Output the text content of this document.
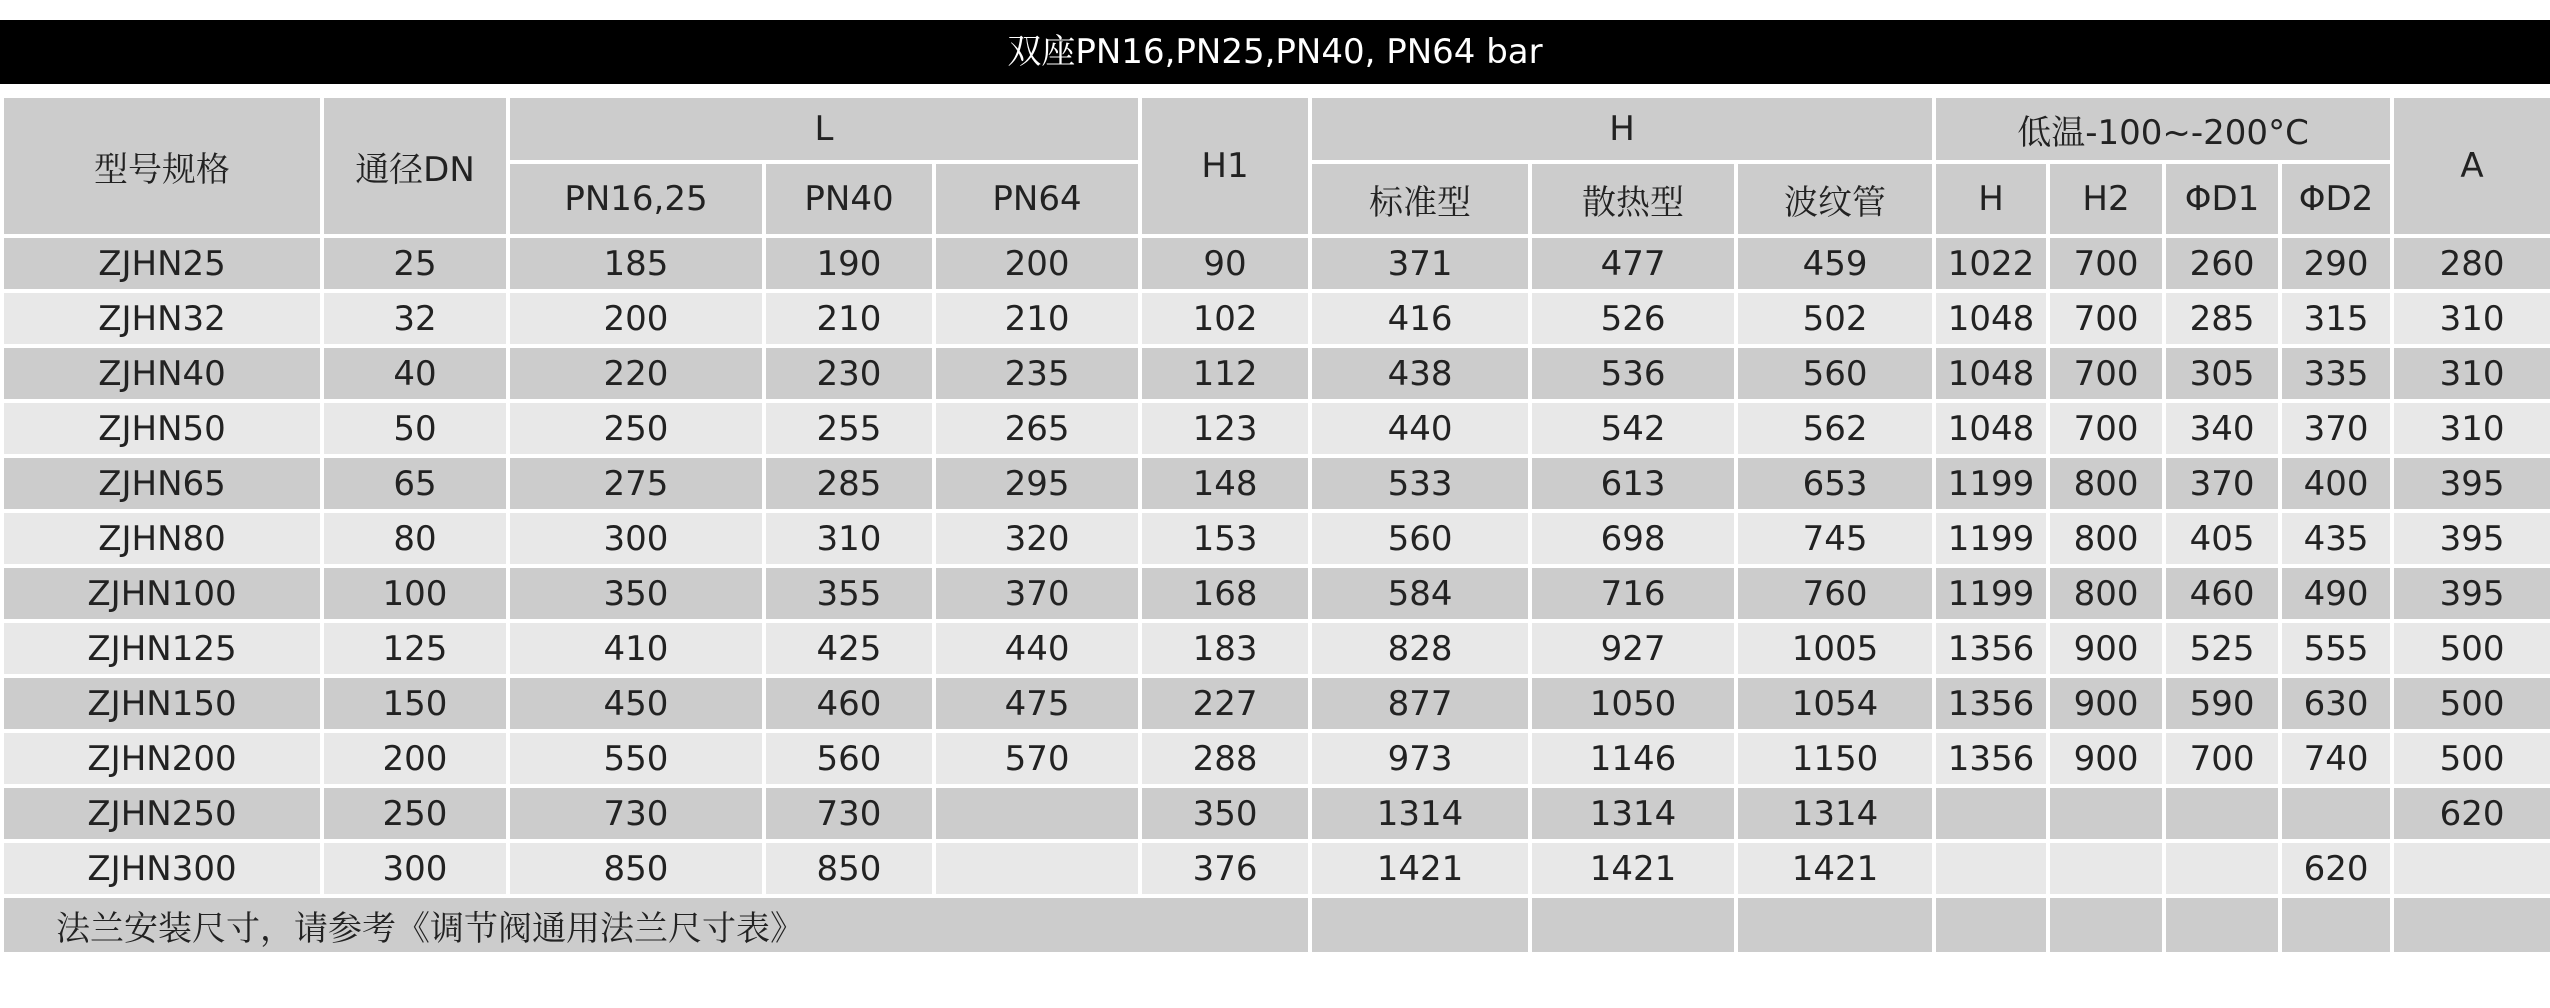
双座PN16,PN25,PN40, PN64 bar
型号规格	通径DN	L			H1	H			低温-100~-200°C				A
		PN16,25	PN40	PN64		标准型	散热型	波纹管	H	H2	ΦD1	ΦD2	
ZJHN25	25	185	190	200	90	371	477	459	1022	700	260	290	280
ZJHN32	32	200	210	210	102	416	526	502	1048	700	285	315	310
ZJHN40	40	220	230	235	112	438	536	560	1048	700	305	335	310
ZJHN50	50	250	255	265	123	440	542	562	1048	700	340	370	310
ZJHN65	65	275	285	295	148	533	613	653	1199	800	370	400	395
ZJHN80	80	300	310	320	153	560	698	745	1199	800	405	435	395
ZJHN100	100	350	355	370	168	584	716	760	1199	800	460	490	395
ZJHN125	125	410	425	440	183	828	927	1005	1356	900	525	555	500
ZJHN150	150	450	460	475	227	877	1050	1054	1356	900	590	630	500
ZJHN200	200	550	560	570	288	973	1146	1150	1356	900	700	740	500
ZJHN250	250	730	730		350	1314	1314	1314					620
ZJHN300	300	850	850		376	1421	1421	1421				620	
法兰安装尺寸，请参考《调节阀通用法兰尺寸表》													
